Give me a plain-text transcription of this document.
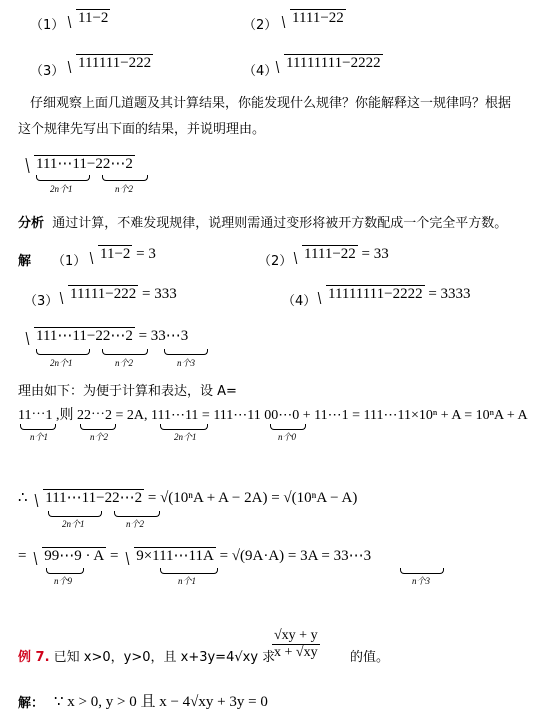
（1） 11−2	（2） 1111−22
（3）
111111−222
（4）
11111111−2222
仔细观察上面几道题及其计算结果，你能发现什么规律？你能解释这一规律吗？根据
这个规律先写出下面的结果，并说明理由。
111⋯11−22⋯2
2n个1	n个2
分析 通过计算，不难发现规律，说理则需通过变形将被开方数配成一个完全平方数。
解 （1） 11−2 = 3	（2） 1111−22 = 33
（3） 11111−222 = 333	（4） 11111111−2222 = 3333
111⋯11−22⋯2 = 33⋯3
2n个1	n个2	n个3
理由如下：为便于计算和表达，设 A=
11⋯1 ,则 22⋯2 = 2A, 111⋯11 = 111⋯11 00⋯0 + 11⋯1 = 111⋯11×10ⁿ + A = 10ⁿA + A
n个1	n个2	2n个1	n个0
∴ 111⋯11−22⋯2 = √(10ⁿA + A − 2A) = √(10ⁿA − A)
2n个1	n个2
= 99⋯9 · A = 9×111⋯11A = √(9A·A) = 3A = 33⋯3
n个9	n个1	n个3
例 7. 已知 x>0，y>0，且 x+3y=4√xy 求
$\frac{√xy + y}{x + √xy}$ 的值。
解： ∵ x > 0, y > 0 且 x − 4√xy + 3y = 0
